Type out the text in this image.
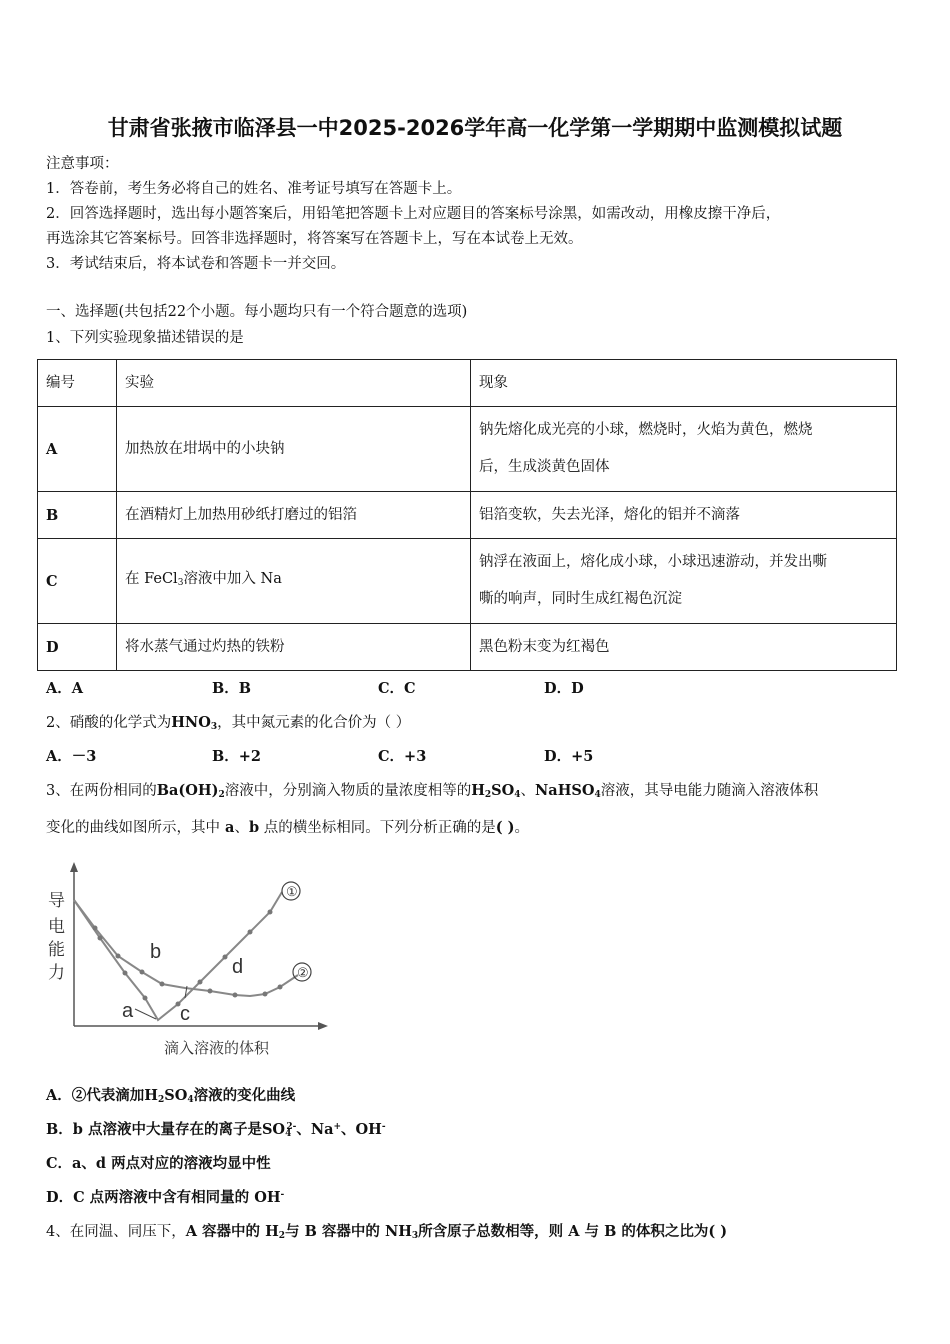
甘肃省张掖市临泽县一中2025-2026学年高一化学第一学期期中监测模拟试题
注意事项：
1．答卷前，考生务必将自己的姓名、准考证号填写在答题卡上。
2．回答选择题时，选出每小题答案后，用铅笔把答题卡上对应题目的答案标号涂黑，如需改动，用橡皮擦干净后，
再选涂其它答案标号。回答非选择题时，将答案写在答题卡上，写在本试卷上无效。
3．考试结束后，将本试卷和答题卡一并交回。
一、选择题(共包括22个小题。每小题均只有一个符合题意的选项)
1、下列实验现象描述错误的是
编号	实验	现象
A	加热放在坩埚中的小块钠	钠先熔化成光亮的小球，燃烧时，火焰为黄色，燃烧
后，生成淡黄色固体

B	在酒精灯上加热用砂纸打磨过的铝箔	铝箔变软，失去光泽，熔化的铝并不滴落
C	在 FeCl$_3$溶液中加入 Na	钠浮在液面上，熔化成小球，小球迅速游动，并发出嘶
嘶的响声，同时生成红褐色沉淀

D	将水蒸气通过灼热的铁粉	黑色粉末变为红褐色
A．A	B．B	C．C	D．D
2、硝酸的化学式为$HNO_3$，其中氮元素的化合价为（ ）
A．－3	B．+2	C．+3	D．+5
3、在两份相同的$Ba(OH)_2$溶液中，分别滴入物质的量浓度相等的$H_2SO_4$、NaHSO$_4$溶液，其导电能力随滴入溶液体积
变化的曲线如图所示，其中 a、b 点的横坐标相同。下列分析正确的是( )。
导
电
能
力
①
②
a
b
c
d
滴入溶液的体积
A．②代表滴加$H_2SO_4$溶液的变化曲线
B．b 点溶液中大量存在的离子是$SO_4^{2-}$、Na+、OH-
C．a、d 两点对应的溶液均显中性
D．C 点两溶液中含有相同量的 OH-
4、在同温、同压下，A 容器中的 $H_2$与 B 容器中的 $NH_3$所含原子总数相等，则 A 与 B 的体积之比为( )
